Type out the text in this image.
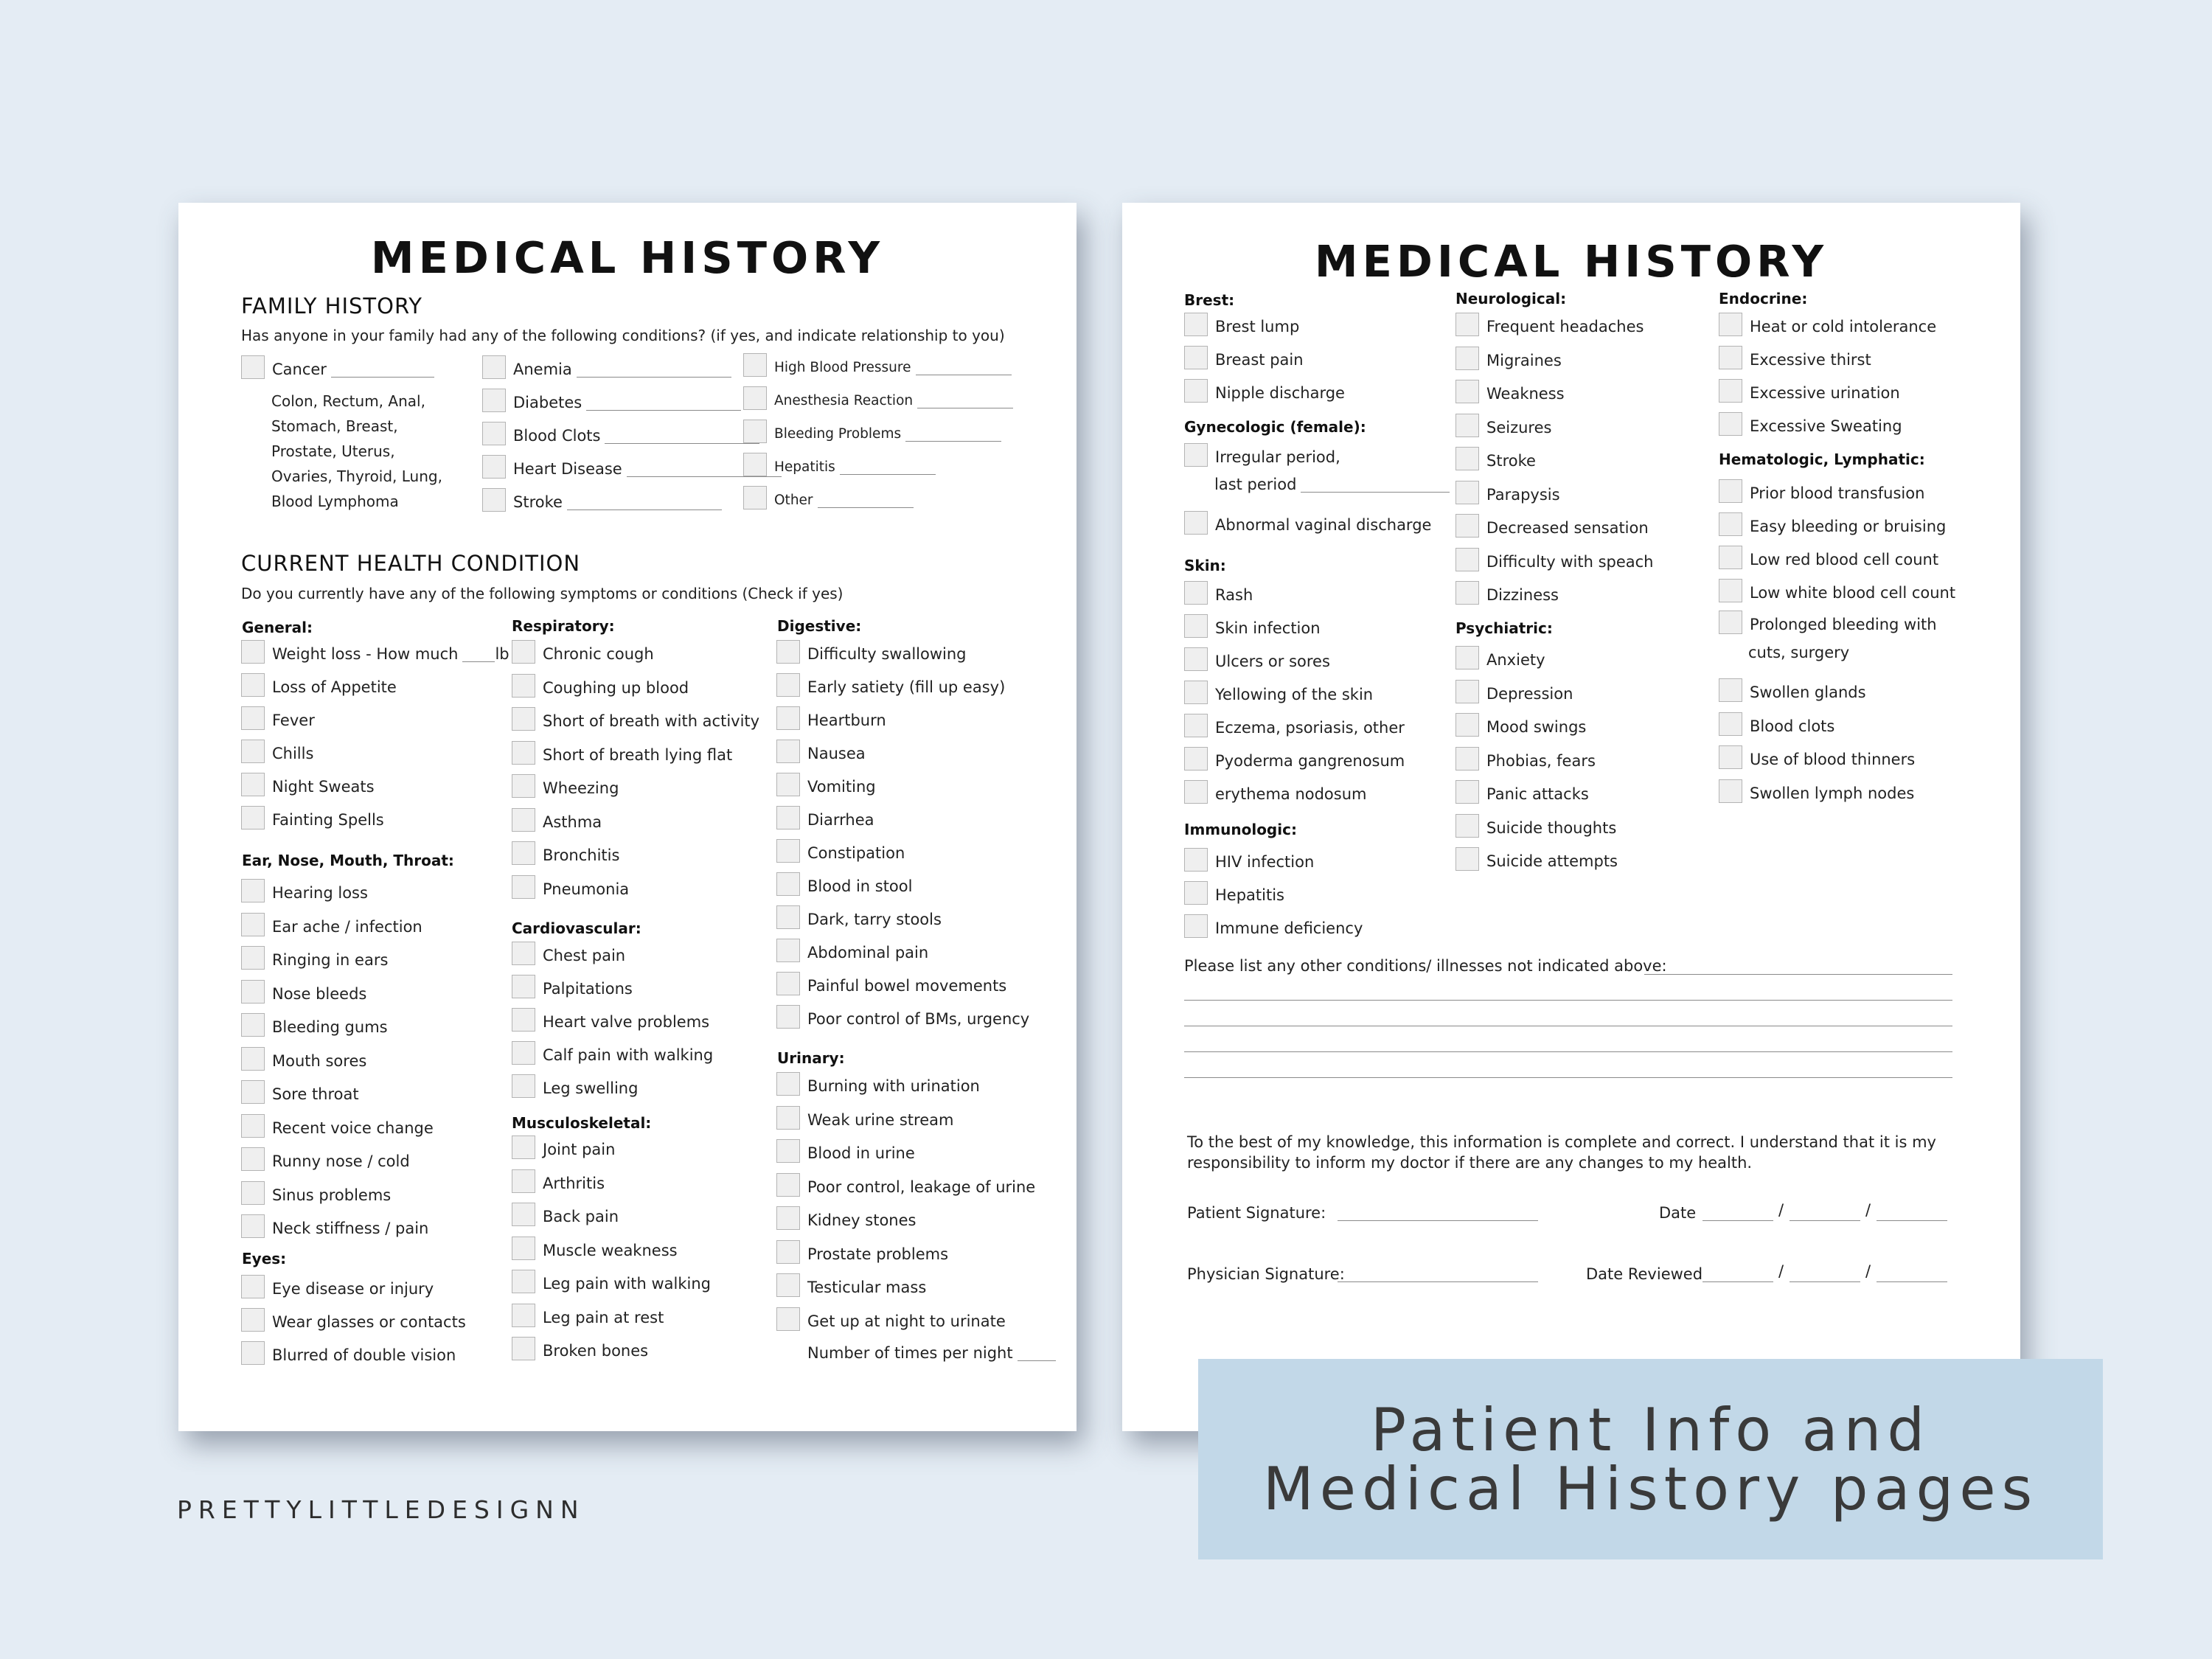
MEDICAL HISTORY
FAMILY HISTORY
Has anyone in your family had any of the following conditions? (if yes, and indicate relationship to you)
Cancer
Colon, Rectum, Anal,
Stomach, Breast,
Prostate, Uterus,
Ovaries, Thyroid, Lung,
Blood Lymphoma
Anemia
Diabetes
Blood Clots
Heart Disease
Stroke
High Blood Pressure
Anesthesia Reaction
Bleeding Problems
Hepatitis
Other
CURRENT HEALTH CONDITION
Do you currently have any of the following symptoms or conditions (Check if yes)
General:
Weight loss - How much lb
Loss of Appetite
Fever
Chills
Night Sweats
Fainting Spells
Ear, Nose, Mouth, Throat:
Hearing loss
Ear ache / infection
Ringing in ears
Nose bleeds
Bleeding gums
Mouth sores
Sore throat
Recent voice change
Runny nose / cold
Sinus problems
Neck stiffness / pain
Eyes:
Eye disease or injury
Wear glasses or contacts
Blurred of double vision
Respiratory:
Chronic cough
Coughing up blood
Short of breath with activity
Short of breath lying flat
Wheezing
Asthma
Bronchitis
Pneumonia
Cardiovascular:
Chest pain
Palpitations
Heart valve problems
Calf pain with walking
Leg swelling
Musculoskeletal:
Joint pain
Arthritis
Back pain
Muscle weakness
Leg pain with walking
Leg pain at rest
Broken bones
Digestive:
Difficulty swallowing
Early satiety (fill up easy)
Heartburn
Nausea
Vomiting
Diarrhea
Constipation
Blood in stool
Dark, tarry stools
Abdominal pain
Painful bowel movements
Poor control of BMs, urgency
Urinary:
Burning with urination
Weak urine stream
Blood in urine
Poor control, leakage of urine
Kidney stones
Prostate problems
Testicular mass
Get up at night to urinate
Number of times per night
MEDICAL HISTORY
Brest:
Brest lump
Breast pain
Nipple discharge
Gynecologic (female):
Irregular period,
last period
Abnormal vaginal discharge
Skin:
Rash
Skin infection
Ulcers or sores
Yellowing of the skin
Eczema, psoriasis, other
Pyoderma gangrenosum
erythema nodosum
Immunologic:
HIV infection
Hepatitis
Immune deficiency
Neurological:
Frequent headaches
Migraines
Weakness
Seizures
Stroke
Parapysis
Decreased sensation
Difficulty with speach
Dizziness
Psychiatric:
Anxiety
Depression
Mood swings
Phobias, fears
Panic attacks
Suicide thoughts
Suicide attempts
Endocrine:
Heat or cold intolerance
Excessive thirst
Excessive urination
Excessive Sweating
Hematologic, Lymphatic:
Prior blood transfusion
Easy bleeding or bruising
Low red blood cell count
Low white blood cell count
Prolonged bleeding with
cuts, surgery
Swollen glands
Blood clots
Use of blood thinners
Swollen lymph nodes
Please list any other conditions/ illnesses not indicated above:
To the best of my knowledge, this information is complete and correct. I understand that it is my
responsibility to inform my doctor if there are any changes to my health.
Patient Signature:	Date	/	/
Physician Signature:	Date Reviewed	/	/
PRETTYLITTLEDESIGNN
Patient Info and
Medical History pages
